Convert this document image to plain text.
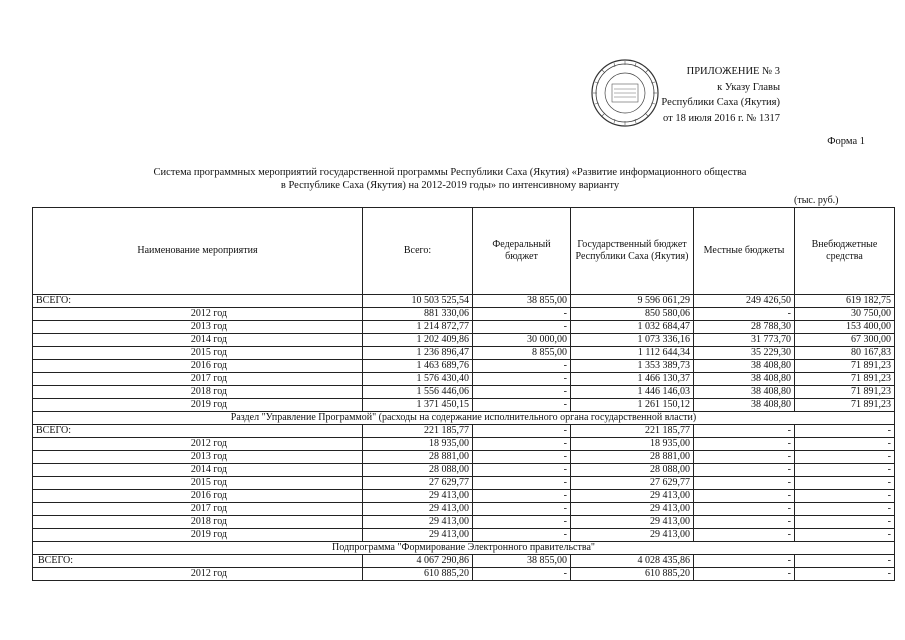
ПРИЛОЖЕНИЕ № 3
к Указу Главы
Республики Саха (Якутия)
от 18 июля 2016 г. № 1317
Форма 1
Система программных мероприятий государственной программы Республики Саха (Якутия) «Развитие информационного общества
в Республике Саха (Якутия) на 2012-2019 годы» по интенсивному варианту
(тыс. руб.)
Наименование мероприятия	Всего:	Федеральный бюджет	Государственный бюджет Республики Саха (Якутия)	Местные бюджеты	Внебюджетные средства
ВСЕГО:	10 503 525,54	38 855,00	9 596 061,29	249 426,50	619 182,75
2012 год	881 330,06	-	850 580,06	-	30 750,00
2013 год	1 214 872,77	-	1 032 684,47	28 788,30	153 400,00
2014 год	1 202 409,86	30 000,00	1 073 336,16	31 773,70	67 300,00
2015 год	1 236 896,47	8 855,00	1 112 644,34	35 229,30	80 167,83
2016 год	1 463 689,76	-	1 353 389,73	38 408,80	71 891,23
2017 год	1 576 430,40	-	1 466 130,37	38 408,80	71 891,23
2018 год	1 556 446,06	-	1 446 146,03	38 408,80	71 891,23
2019 год	1 371 450,15	-	1 261 150,12	38 408,80	71 891,23
Раздел "Управление Программой" (расходы на содержание исполнительного органа государственной власти)					
ВСЕГО:	221 185,77	-	221 185,77	-	-
2012 год	18 935,00	-	18 935,00	-	-
2013 год	28 881,00	-	28 881,00	-	-
2014 год	28 088,00	-	28 088,00	-	-
2015 год	27 629,77	-	27 629,77	-	-
2016 год	29 413,00	-	29 413,00	-	-
2017 год	29 413,00	-	29 413,00	-	-
2018 год	29 413,00	-	29 413,00	-	-
2019 год	29 413,00	-	29 413,00	-	-
Подпрограмма "Формирование Электронного правительства"					
ВСЕГО:	4 067 290,86	38 855,00	4 028 435,86	-	-
2012 год	610 885,20	-	610 885,20	-	-
